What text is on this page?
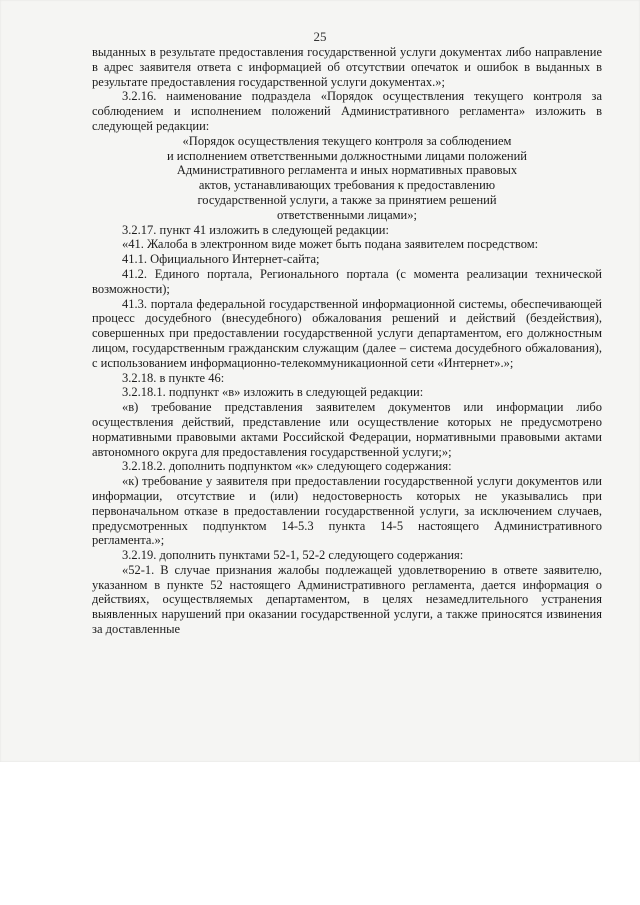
25

выданных в результате предоставления государственной услуги документах либо направление в адрес заявителя ответа с информацией об отсутствии опечаток и ошибок в выданных в результате предоставления государственной услуги документах.»;

3.2.16. наименование подраздела «Порядок осуществления текущего контроля за соблюдением и исполнением положений Административного регламента» изложить в следующей редакции:

«Порядок осуществления текущего контроля за соблюдением
и исполнением ответственными должностными лицами положений
Административного регламента и иных нормативных правовых
актов, устанавливающих требования к предоставлению
государственной услуги, а также за принятием решений
ответственными лицами»;

3.2.17. пункт 41 изложить в следующей редакции:

«41. Жалоба в электронном виде может быть подана заявителем посредством:

41.1. Официального Интернет-сайта;

41.2. Единого портала, Регионального портала (с момента реализации технической возможности);

41.3. портала федеральной государственной информационной системы, обеспечивающей процесс досудебного (внесудебного) обжалования решений и действий (бездействия), совершенных при предоставлении государственной услуги департаментом, его должностным лицом, государственным гражданским служащим (далее – система досудебного обжалования), с использованием информационно-телекоммуникационной сети «Интернет».»;

3.2.18. в пункте 46:

3.2.18.1. подпункт «в» изложить в следующей редакции:

«в) требование представления заявителем документов или информации либо осуществления действий, представление или осуществление которых не предусмотрено нормативными правовыми актами Российской Федерации, нормативными правовыми актами автономного округа для предоставления государственной услуги;»;

3.2.18.2. дополнить подпунктом «к» следующего содержания:

«к) требование у заявителя при предоставлении государственной услуги документов или информации, отсутствие и (или) недостоверность которых не указывались при первоначальном отказе в предоставлении государственной услуги, за исключением случаев, предусмотренных подпунктом 14-5.3 пункта 14-5 настоящего Административного регламента.»;

3.2.19. дополнить пунктами 52-1, 52-2 следующего содержания:

«52-1. В случае признания жалобы подлежащей удовлетворению в ответе заявителю, указанном в пункте 52 настоящего Административного регламента, дается информация о действиях, осуществляемых департаментом, в целях незамедлительного устранения выявленных нарушений при оказании государственной услуги, а также приносятся извинения за доставленные
